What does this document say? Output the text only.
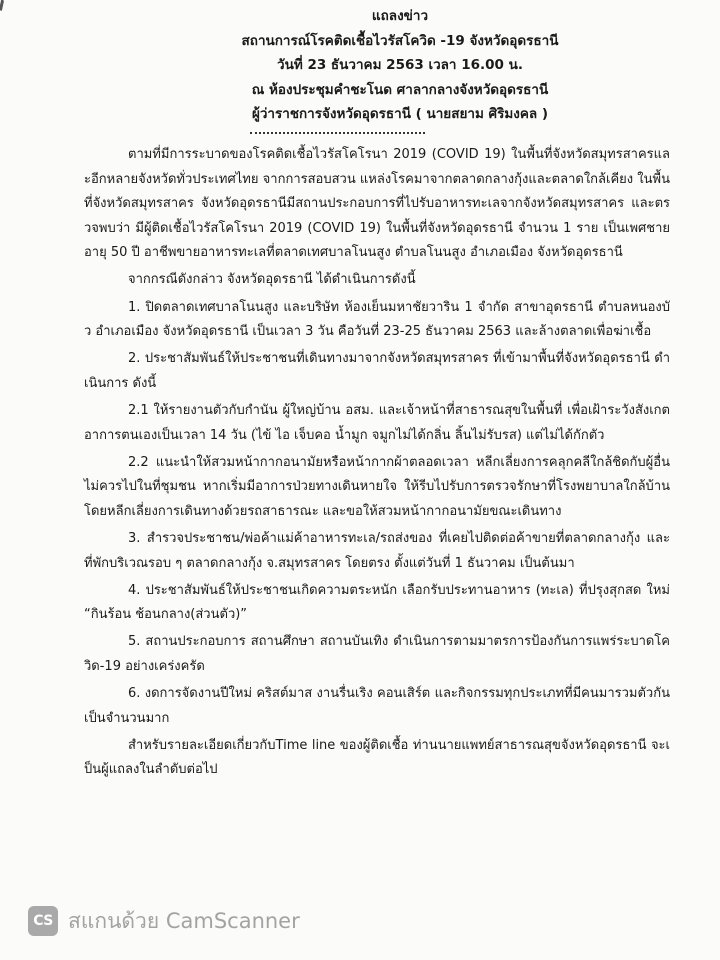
แถลงข่าว
สถานการณ์โรคติดเชื้อไวรัสโควิด -19 จังหวัดอุดรธานี
วันที่ 23 ธันวาคม 2563 เวลา 16.00 น.
ณ ห้องประชุมคำชะโนด ศาลากลางจังหวัดอุดรธานี
ผู้ว่าราชการจังหวัดอุดรธานี ( นายสยาม ศิริมงคล )

ตามที่มีการระบาดของโรคติดเชื้อไวรัสโคโรนา 2019 (COVID 19) ในพื้นที่จังหวัดสมุทรสาครและอีกหลายจังหวัดทั่วประเทศไทย จากการสอบสวน แหล่งโรคมาจากตลาดกลางกุ้งและตลาดใกล้เคียง ในพื้นที่จังหวัดสมุทรสาคร จังหวัดอุดรธานีมีสถานประกอบการที่ไปรับอาหารทะเลจากจังหวัดสมุทรสาคร และตรวจพบว่า มีผู้ติดเชื้อไวรัสโคโรนา 2019 (COVID 19) ในพื้นที่จังหวัดอุดรธานี จำนวน 1 ราย เป็นเพศชาย อายุ 50 ปี อาชีพขายอาหารทะเลที่ตลาดเทศบาลโนนสูง ตำบลโนนสูง อำเภอเมือง จังหวัดอุดรธานี

จากกรณีดังกล่าว จังหวัดอุดรธานี ได้ดำเนินการดังนี้

1. ปิดตลาดเทศบาลโนนสูง และบริษัท ห้องเย็นมหาชัยวาริน 1 จำกัด สาขาอุดรธานี ตำบลหนองบัว อำเภอเมือง จังหวัดอุดรธานี เป็นเวลา 3 วัน คือวันที่ 23-25 ธันวาคม 2563 และล้างตลาดเพื่อฆ่าเชื้อ

2. ประชาสัมพันธ์ให้ประชาชนที่เดินทางมาจากจังหวัดสมุทรสาคร ที่เข้ามาพื้นที่จังหวัดอุดรธานี ดำเนินการ ดังนี้

2.1 ให้รายงานตัวกับกำนัน ผู้ใหญ่บ้าน อสม. และเจ้าหน้าที่สาธารณสุขในพื้นที่ เพื่อเฝ้าระวังสังเกตอาการตนเองเป็นเวลา 14 วัน (ไข้ ไอ เจ็บคอ น้ำมูก จมูกไม่ได้กลิ่น ลิ้นไม่รับรส) แต่ไม่ได้กักตัว

2.2 แนะนำให้สวมหน้ากากอนามัยหรือหน้ากากผ้าตลอดเวลา หลีกเลี่ยงการคลุกคลีใกล้ชิดกับผู้อื่น ไม่ควรไปในที่ชุมชน หากเริ่มมีอาการป่วยทางเดินหายใจ ให้รีบไปรับการตรวจรักษาที่โรงพยาบาลใกล้บ้าน โดยหลีกเลี่ยงการเดินทางด้วยรถสาธารณะ และขอให้สวมหน้ากากอนามัยขณะเดินทาง

3. สำรวจประชาชน/พ่อค้าแม่ค้าอาหารทะเล/รถส่งของ ที่เคยไปติดต่อค้าขายที่ตลาดกลางกุ้ง และที่พักบริเวณรอบ ๆ ตลาดกลางกุ้ง จ.สมุทรสาคร โดยตรง ตั้งแต่วันที่ 1 ธันวาคม เป็นต้นมา

4. ประชาสัมพันธ์ให้ประชาชนเกิดความตระหนัก เลือกรับประทานอาหาร (ทะเล) ที่ปรุงสุกสด ใหม่ “กินร้อน ช้อนกลาง(ส่วนตัว)”

5. สถานประกอบการ สถานศึกษา สถานบันเทิง ดำเนินการตามมาตรการป้องกันการแพร่ระบาดโควิด-19 อย่างเคร่งครัด

6. งดการจัดงานปีใหม่ คริสต์มาส งานรื่นเริง คอนเสิร์ต และกิจกรรมทุกประเภทที่มีคนมารวมตัวกันเป็นจำนวนมาก

สำหรับรายละเอียดเกี่ยวกับTime line ของผู้ติดเชื้อ ท่านนายแพทย์สาธารณสุขจังหวัดอุดรธานี จะเป็นผู้แถลงในลำดับต่อไป

CS สแกนด้วย CamScanner
